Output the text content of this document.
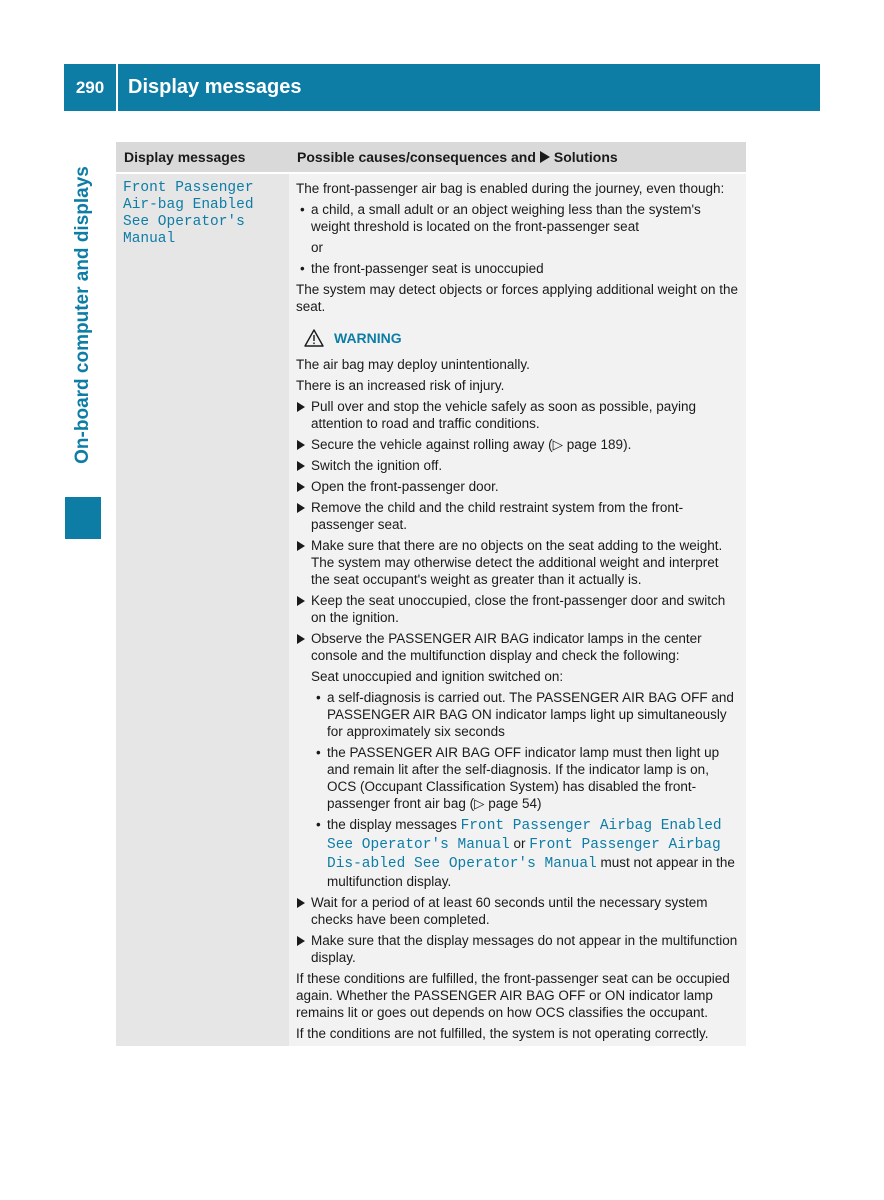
290	Display messages
On-board computer and displays
Display messages	Possible causes/consequences and Solutions
Front Passenger Air-bag Enabled See Operator's Manual

The front-passenger air bag is enabled during the journey, even though:

• a child, a small adult or an object weighing less than the system's weight threshold is located on the front-passenger seat

or

• the front-passenger seat is unoccupied

The system may detect objects or forces applying additional weight on the seat.

WARNING

The air bag may deploy unintentionally.

There is an increased risk of injury.

Pull over and stop the vehicle safely as soon as possible, paying attention to road and traffic conditions.

Secure the vehicle against rolling away (▷ page 189).

Switch the ignition off.

Open the front-passenger door.

Remove the child and the child restraint system from the front-passenger seat.

Make sure that there are no objects on the seat adding to the weight.
The system may otherwise detect the additional weight and interpret the seat occupant's weight as greater than it actually is.

Keep the seat unoccupied, close the front-passenger door and switch on the ignition.

Observe the PASSENGER AIR BAG indicator lamps in the center console and the multifunction display and check the following:

Seat unoccupied and ignition switched on:

• a self-diagnosis is carried out. The PASSENGER AIR BAG OFF and PASSENGER AIR BAG ON indicator lamps light up simultaneously for approximately six seconds

• the PASSENGER AIR BAG OFF indicator lamp must then light up and remain lit after the self-diagnosis. If the indicator lamp is on, OCS (Occupant Classification System) has disabled the front-passenger front air bag (▷ page 54)

• the display messages Front Passenger Airbag Enabled See Operator's Manual or Front Passenger Airbag Dis-abled See Operator's Manual must not appear in the multifunction display.

Wait for a period of at least 60 seconds until the necessary system checks have been completed.

Make sure that the display messages do not appear in the multifunction display.

If these conditions are fulfilled, the front-passenger seat can be occupied again. Whether the PASSENGER AIR BAG OFF or ON indicator lamp remains lit or goes out depends on how OCS classifies the occupant.

If the conditions are not fulfilled, the system is not operating correctly.
